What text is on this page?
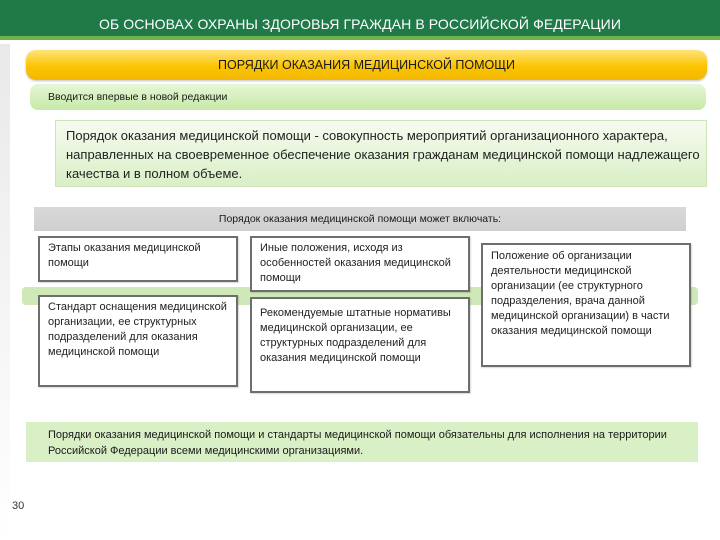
ОБ ОСНОВАХ ОХРАНЫ ЗДОРОВЬЯ ГРАЖДАН В РОССИЙСКОЙ ФЕДЕРАЦИИ
ПОРЯДКИ ОКАЗАНИЯ МЕДИЦИНСКОЙ ПОМОЩИ
Вводится впервые в новой редакции
Порядок оказания медицинской помощи - совокупность мероприятий организационного характера, направленных на своевременное обеспечение оказания гражданам медицинской помощи надлежащего качества и в полном объеме.
Порядок оказания медицинской помощи может включать:
Этапы оказания медицинской помощи
Иные положения, исходя из особенностей оказания медицинской помощи
Стандарт оснащения медицинской организации, ее структурных подразделений для оказания медицинской помощи
Рекомендуемые штатные нормативы медицинской организации, ее структурных подразделений для оказания медицинской помощи
Положение об организации деятельности медицинской организации (ее структурного подразделения, врача данной медицинской организации) в части оказания медицинской помощи
Порядки оказания медицинской помощи и стандарты медицинской помощи обязательны для исполнения на территории Российской Федерации всеми медицинскими организациями.
30
